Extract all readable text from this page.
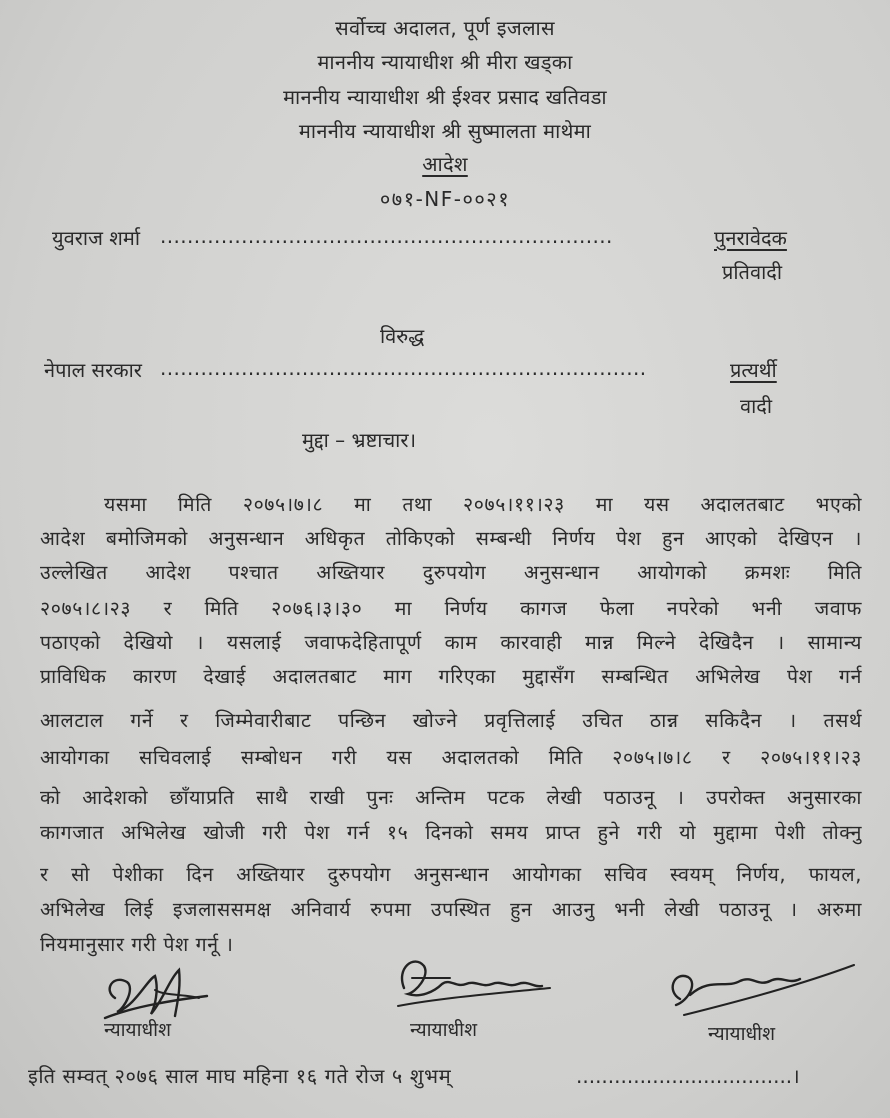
सर्वोच्च अदालत, पूर्ण इजलास
माननीय न्यायाधीश श्री मीरा खड्का
माननीय न्यायाधीश श्री ईश्वर प्रसाद खतिवडा
माननीय न्यायाधीश श्री सुष्मालता माथेमा
आदेश
०७१-NF-००२१
युवराज शर्मा ...................................................................	पुनरावेदक
प्रतिवादी
विरुद्ध
नेपाल सरकार ........................................................................	प्रत्यर्थी
वादी
मुद्दा – भ्रष्टाचार।
यसमा मिति २०७५।७।८ मा तथा २०७५।११।२३ मा यस अदालतबाट भएको
आदेश बमोजिमको अनुसन्धान अधिकृत तोकिएको सम्बन्धी निर्णय पेश हुन आएको देखिएन ।
उल्लेखित आदेश पश्चात अख्तियार दुरुपयोग अनुसन्धान आयोगको क्रमशः मिति
२०७५।८।२३ र मिति २०७६।३।३० मा निर्णय कागज फेला नपरेको भनी जवाफ
पठाएको देखियो । यसलाई जवाफदेहितापूर्ण काम कारवाही मान्न मिल्ने देखिदैन । सामान्य
प्राविधिक कारण देखाई अदालतबाट माग गरिएका मुद्दासँग सम्बन्धित अभिलेख पेश गर्न
आलटाल गर्ने र जिम्मेवारीबाट पन्छिन खोज्ने प्रवृत्तिलाई उचित ठान्न सकिदैन । तसर्थ
आयोगका सचिवलाई सम्बोधन गरी यस अदालतको मिति २०७५।७।८ र २०७५।११।२३
को आदेशको छाँयाप्रति साथै राखी पुनः अन्तिम पटक लेखी पठाउनू । उपरोक्त अनुसारका
कागजात अभिलेख खोजी गरी पेश गर्न १५ दिनको समय प्राप्त हुने गरी यो मुद्दामा पेशी तोक्नु
र सो पेशीका दिन अख्तियार दुरुपयोग अनुसन्धान आयोगका सचिव स्वयम् निर्णय, फायल,
अभिलेख लिई इजलाससमक्ष अनिवार्य रुपमा उपस्थित हुन आउनु भनी लेखी पठाउनू । अरुमा
नियमानुसार गरी पेश गर्नू ।
न्यायाधीश	न्यायाधीश	न्यायाधीश
इति सम्वत् २०७६ साल माघ महिना १६ गते रोज ५ शुभम्	..................................।
